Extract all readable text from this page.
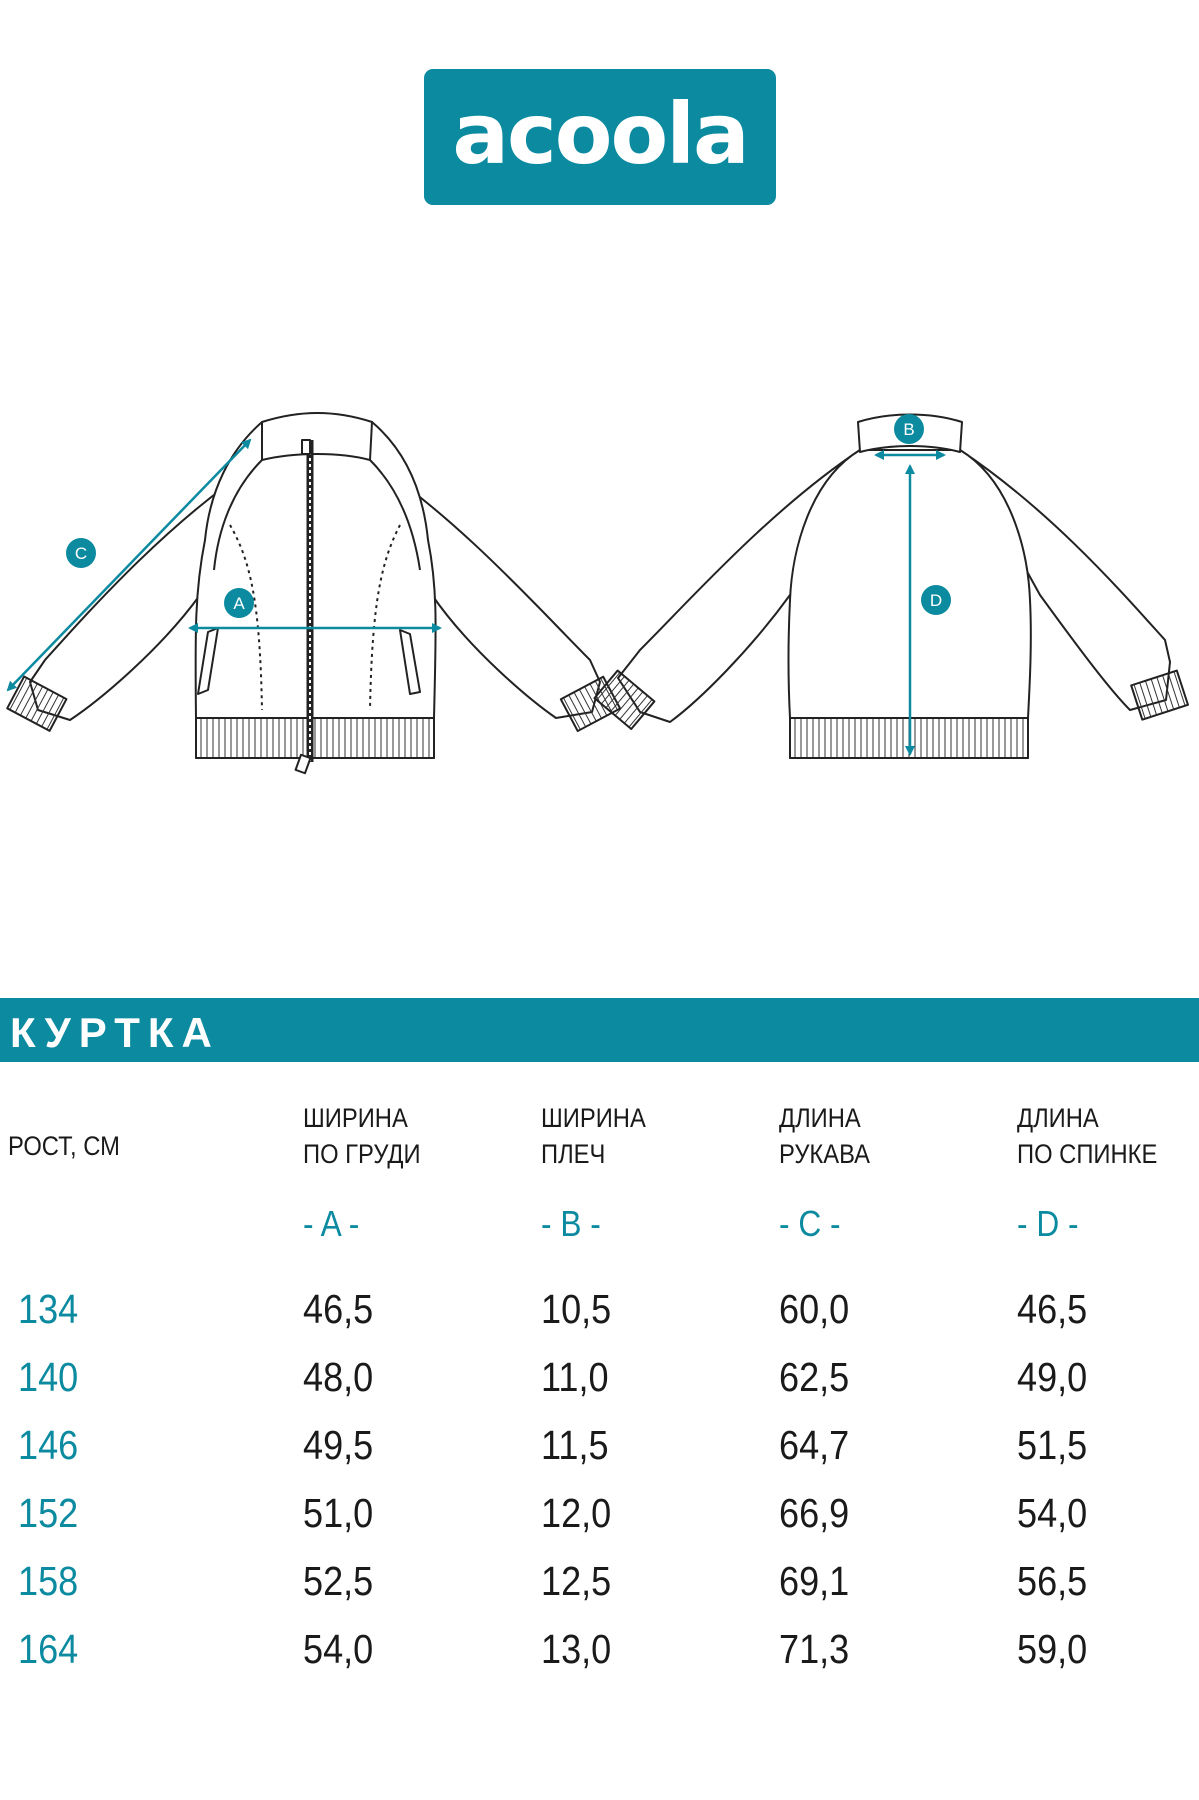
acoola
C
A
B
D
КУРТКА
РОСТ, СМ
ШИРИНА
ПО ГРУДИ
ШИРИНА
ПЛЕЧ
ДЛИНА
РУКАВА
ДЛИНА
ПО СПИНКЕ
- A -	- B -	- C -	- D -
134	46,5	10,5	60,0	46,5
140	48,0	11,0	62,5	49,0
146	49,5	11,5	64,7	51,5
152	51,0	12,0	66,9	54,0
158	52,5	12,5	69,1	56,5
164	54,0	13,0	71,3	59,0
